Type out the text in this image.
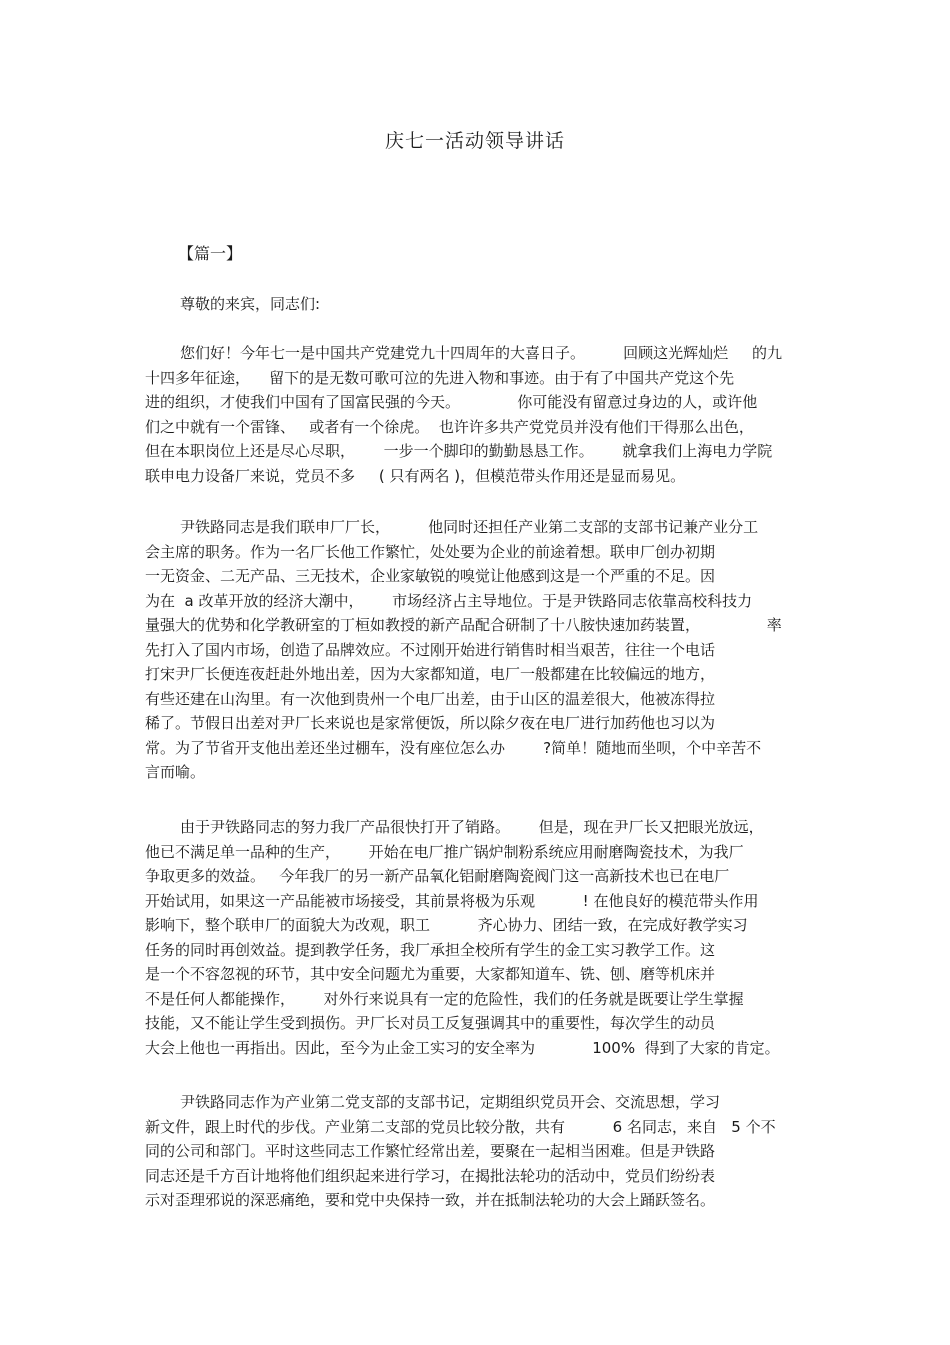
庆七一活动领导讲话

【篇一】

尊敬的来宾，同志们:

您们好！今年七一是中国共产党建党九十四周年的大喜日子。        回顾这光辉灿烂     的九
十四多年征途，    留下的是无数可歌可泣的先进入物和事迹。由于有了中国共产党这个先
进的组织，才使我们中国有了国富民强的今天。            你可能没有留意过身边的人，或许他
们之中就有一个雷锋、   或者有一个徐虎。  也许许多共产党党员并没有他们干得那么出色，
但在本职岗位上还是尽心尽职，      一步一个脚印的勤勤恳恳工作。      就拿我们上海电力学院
联申电力设备厂来说，党员不多     ( 只有两名 )，但模范带头作用还是显而易见。
尹铁路同志是我们联申厂厂长，        他同时还担任产业第二支部的支部书记兼产业分工
会主席的职务。作为一名厂长他工作繁忙，处处要为企业的前途着想。联申厂创办初期
一无资金、二无产品、三无技术，企业家敏锐的嗅觉让他感到这是一个严重的不足。因
为在  a 改革开放的经济大潮中，      市场经济占主导地位。于是尹铁路同志依靠高校科技力
量强大的优势和化学教研室的丁桓如教授的新产品配合研制了十八胺快速加药装置，              率
先打入了国内市场，创造了品牌效应。不过刚开始进行销售时相当艰苦，往往一个电话
打宋尹厂长便连夜赶赴外地出差，因为大家都知道，电厂一般都建在比较偏远的地方，
有些还建在山沟里。有一次他到贵州一个电厂出差，由于山区的温差很大，他被冻得拉
稀了。节假日出差对尹厂长来说也是家常便饭，所以除夕夜在电厂进行加药他也习以为
常。为了节省开支他出差还坐过棚车，没有座位怎么办        ?简单！随地而坐呗，个中辛苦不
言而喻。
由于尹铁路同志的努力我厂产品很快打开了销路。      但是，现在尹厂长又把眼光放远，
他已不满足单一品种的生产，      开始在电厂推广锅炉制粉系统应用耐磨陶瓷技术，为我厂
争取更多的效益。   今年我厂的另一新产品氧化铝耐磨陶瓷阀门这一高新技术也已在电厂
开始试用，如果这一产品能被市场接受，其前景将极为乐观          ! 在他良好的模范带头作用
影响下，整个联申厂的面貌大为改观，职工          齐心协力、团结一致，在完成好教学实习
任务的同时再创效益。提到教学任务，我厂承担全校所有学生的金工实习教学工作。这
是一个不容忽视的环节，其中安全问题尤为重要，大家都知道车、铣、刨、磨等机床并
不是任何人都能操作，      对外行来说具有一定的危险性，我们的任务就是既要让学生掌握
技能，又不能让学生受到损伤。尹厂长对员工反复强调其中的重要性，每次学生的动员
大会上他也一再指出。因此，至今为止金工实习的安全率为            100%  得到了大家的肯定。
尹铁路同志作为产业第二党支部的支部书记，定期组织党员开会、交流思想，学习
新文件，跟上时代的步伐。产业第二支部的党员比较分散，共有          6 名同志，来自   5 个不
同的公司和部门。平时这些同志工作繁忙经常出差，要聚在一起相当困难。但是尹铁路
同志还是千方百计地将他们组织起来进行学习，在揭批法轮功的活动中，党员们纷纷表
示对歪理邪说的深恶痛绝，要和党中央保持一致，并在抵制法轮功的大会上踊跃签名。
